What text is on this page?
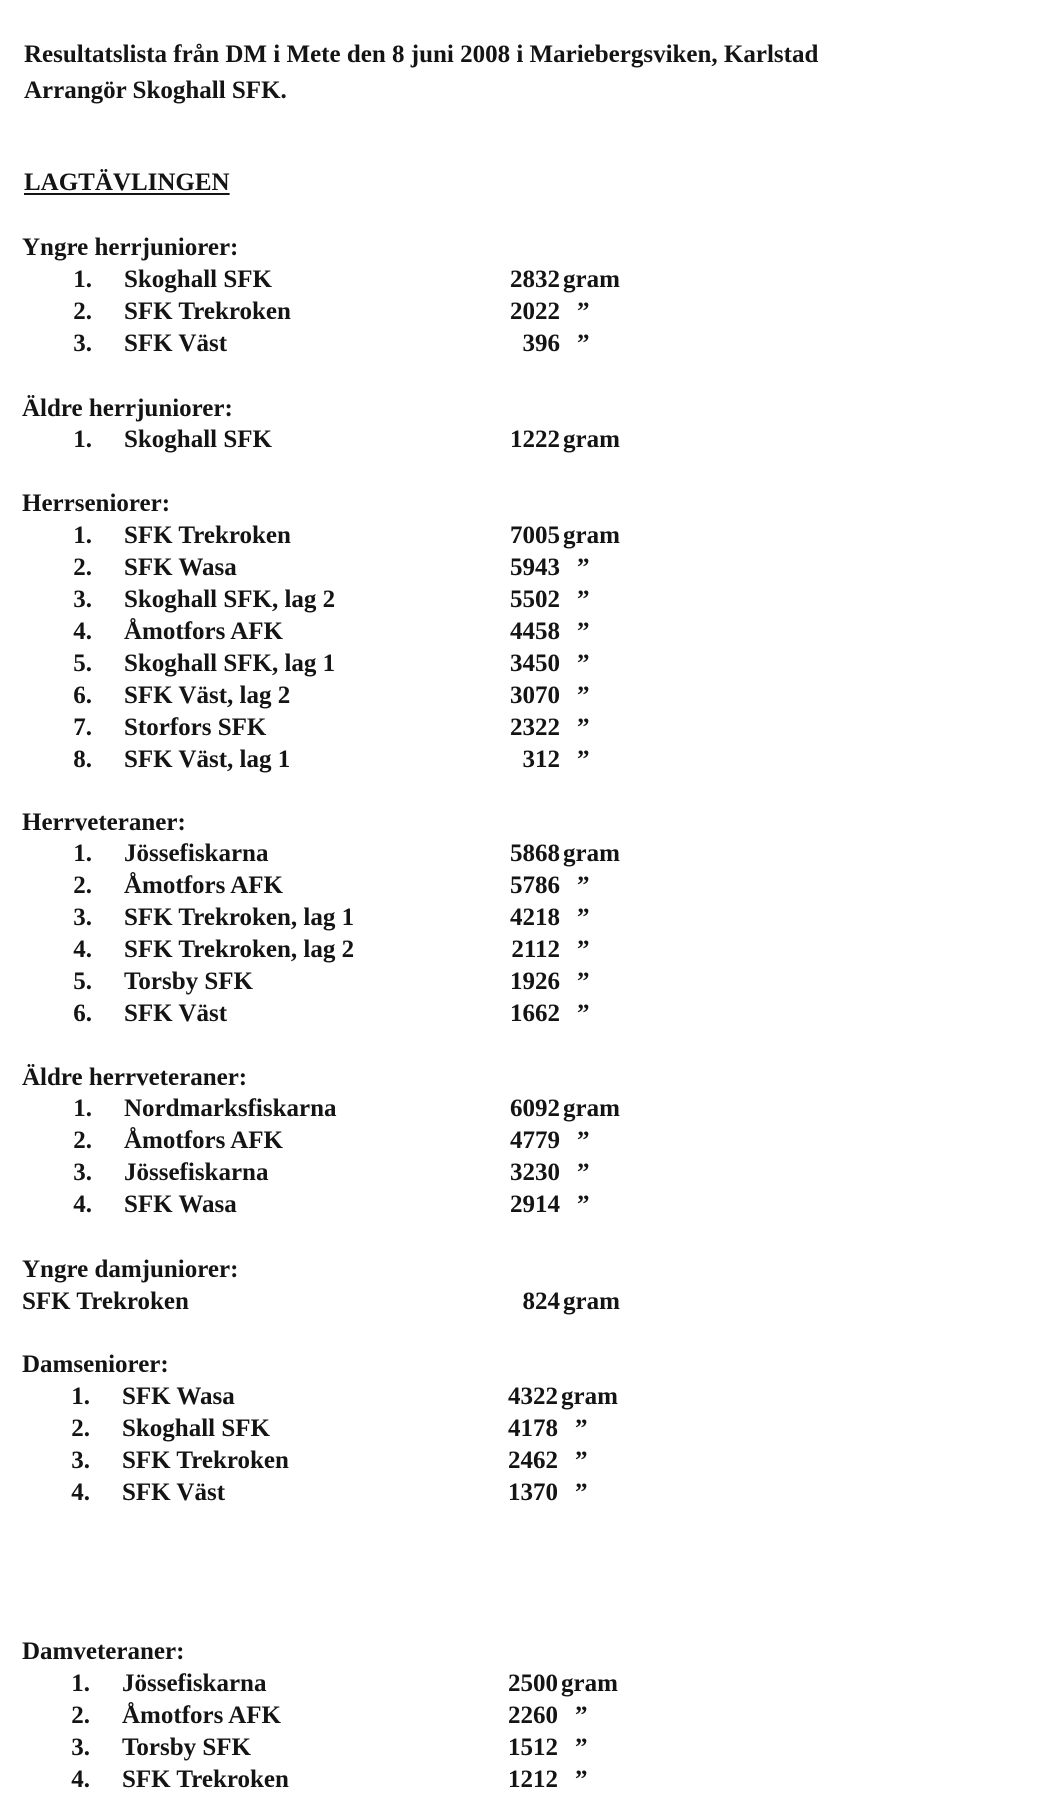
Resultatslista från DM i Mete den 8 juni 2008 i Mariebergsviken, Karlstad
Arrangör Skoghall SFK.
LAGTÄVLINGEN
Yngre herrjuniorer:
1. Skoghall SFK	2832 gram
2. SFK Trekroken	2022 ”
3. SFK Väst	396 ”
Äldre herrjuniorer:
1. Skoghall SFK	1222 gram
Herrseniorer:
1. SFK Trekroken	7005 gram
2. SFK Wasa	5943 ”
3. Skoghall SFK, lag 2	5502 ”
4. Åmotfors AFK	4458 ”
5. Skoghall SFK, lag 1	3450 ”
6. SFK Väst, lag 2	3070 ”
7. Storfors SFK	2322 ”
8. SFK Väst, lag 1	312 ”
Herrveteraner:
1. Jössefiskarna	5868 gram
2. Åmotfors AFK	5786 ”
3. SFK Trekroken, lag 1	4218 ”
4. SFK Trekroken, lag 2	2112 ”
5. Torsby SFK	1926 ”
6. SFK Väst	1662 ”
Äldre herrveteraner:
1. Nordmarksfiskarna	6092 gram
2. Åmotfors AFK	4779 ”
3. Jössefiskarna	3230 ”
4. SFK Wasa	2914 ”
Yngre damjuniorer:
SFK Trekroken	824 gram
Damseniorer:
1. SFK Wasa	4322 gram
2. Skoghall SFK	4178 ”
3. SFK Trekroken	2462 ”
4. SFK Väst	1370 ”
Damveteraner:
1. Jössefiskarna	2500 gram
2. Åmotfors AFK	2260 ”
3. Torsby SFK	1512 ”
4. SFK Trekroken	1212 ”
